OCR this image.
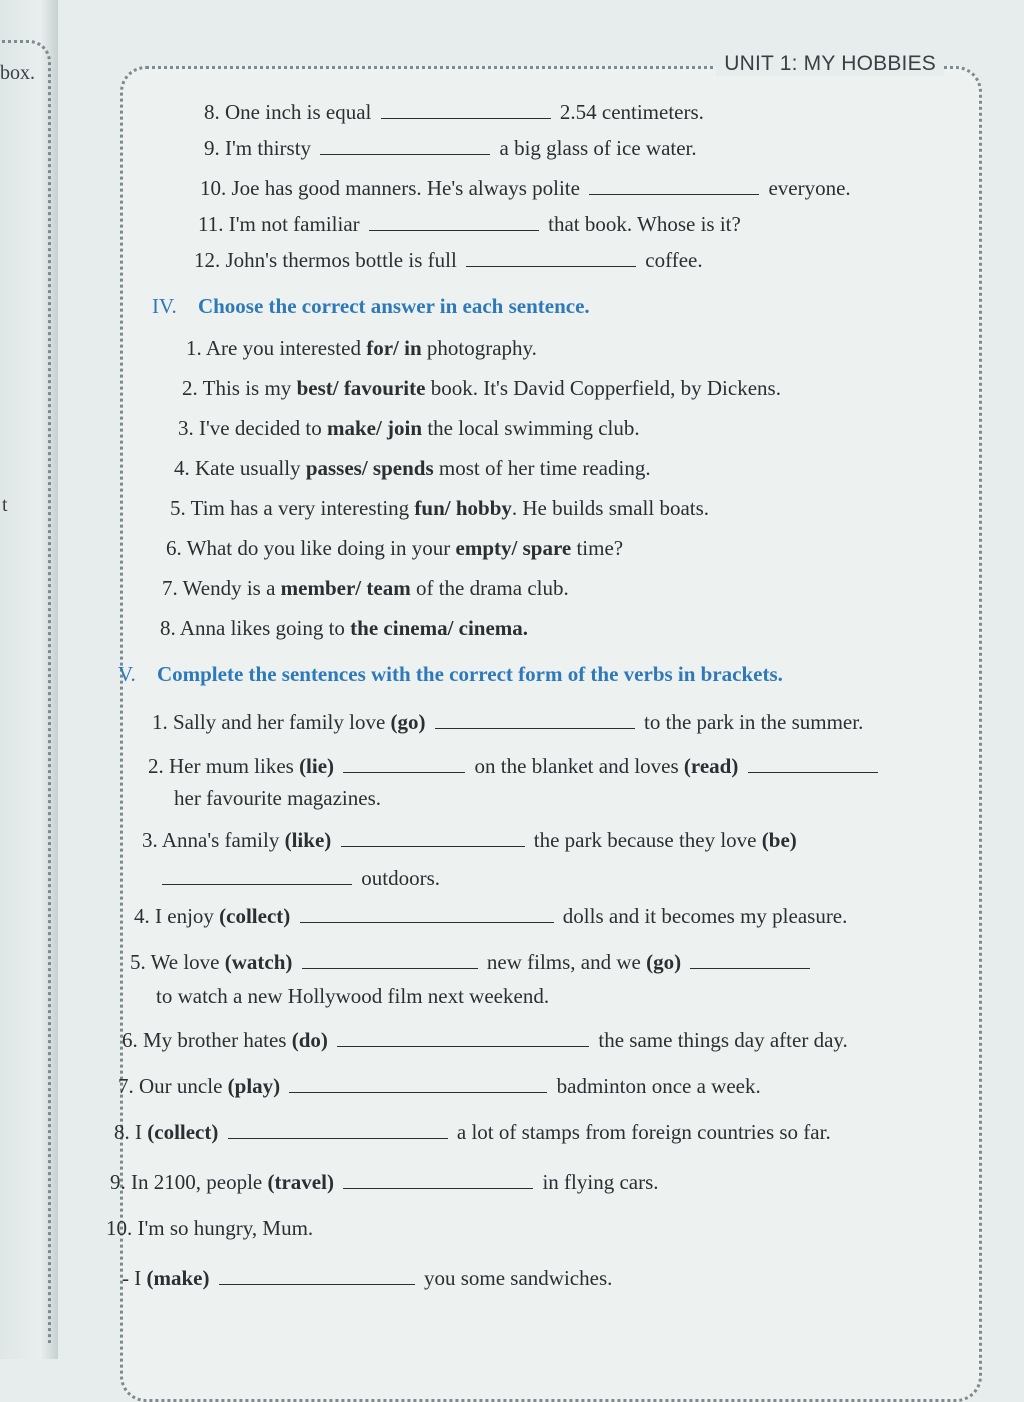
box.
t
UNIT 1: MY HOBBIES
8. One inch is equal	2.54 centimeters.
9. I'm thirsty	a big glass of ice water.
10. Joe has good manners. He's always polite	everyone.
11. I'm not familiar	that book. Whose is it?
12. John's thermos bottle is full	coffee.
IV. Choose the correct answer in each sentence.
1. Are you interested for/ in photography.
2. This is my best/ favourite book. It's David Copperfield, by Dickens.
3. I've decided to make/ join the local swimming club.
4. Kate usually passes/ spends most of her time reading.
5. Tim has a very interesting fun/ hobby. He builds small boats.
6. What do you like doing in your empty/ spare time?
7. Wendy is a member/ team of the drama club.
8. Anna likes going to the cinema/ cinema.
V. Complete the sentences with the correct form of the verbs in brackets.
1. Sally and her family love (go)	to the park in the summer.
2. Her mum likes (lie)	on the blanket and loves (read)
her favourite magazines.
3. Anna's family (like)	the park because they love (be)
outdoors.
4. I enjoy (collect)	dolls and it becomes my pleasure.
5. We love (watch)	new films, and we (go)
to watch a new Hollywood film next weekend.
6. My brother hates (do)	the same things day after day.
7. Our uncle (play)	badminton once a week.
8. I (collect)	a lot of stamps from foreign countries so far.
9. In 2100, people (travel)	in flying cars.
10. I'm so hungry, Mum.
- I (make)	you some sandwiches.
